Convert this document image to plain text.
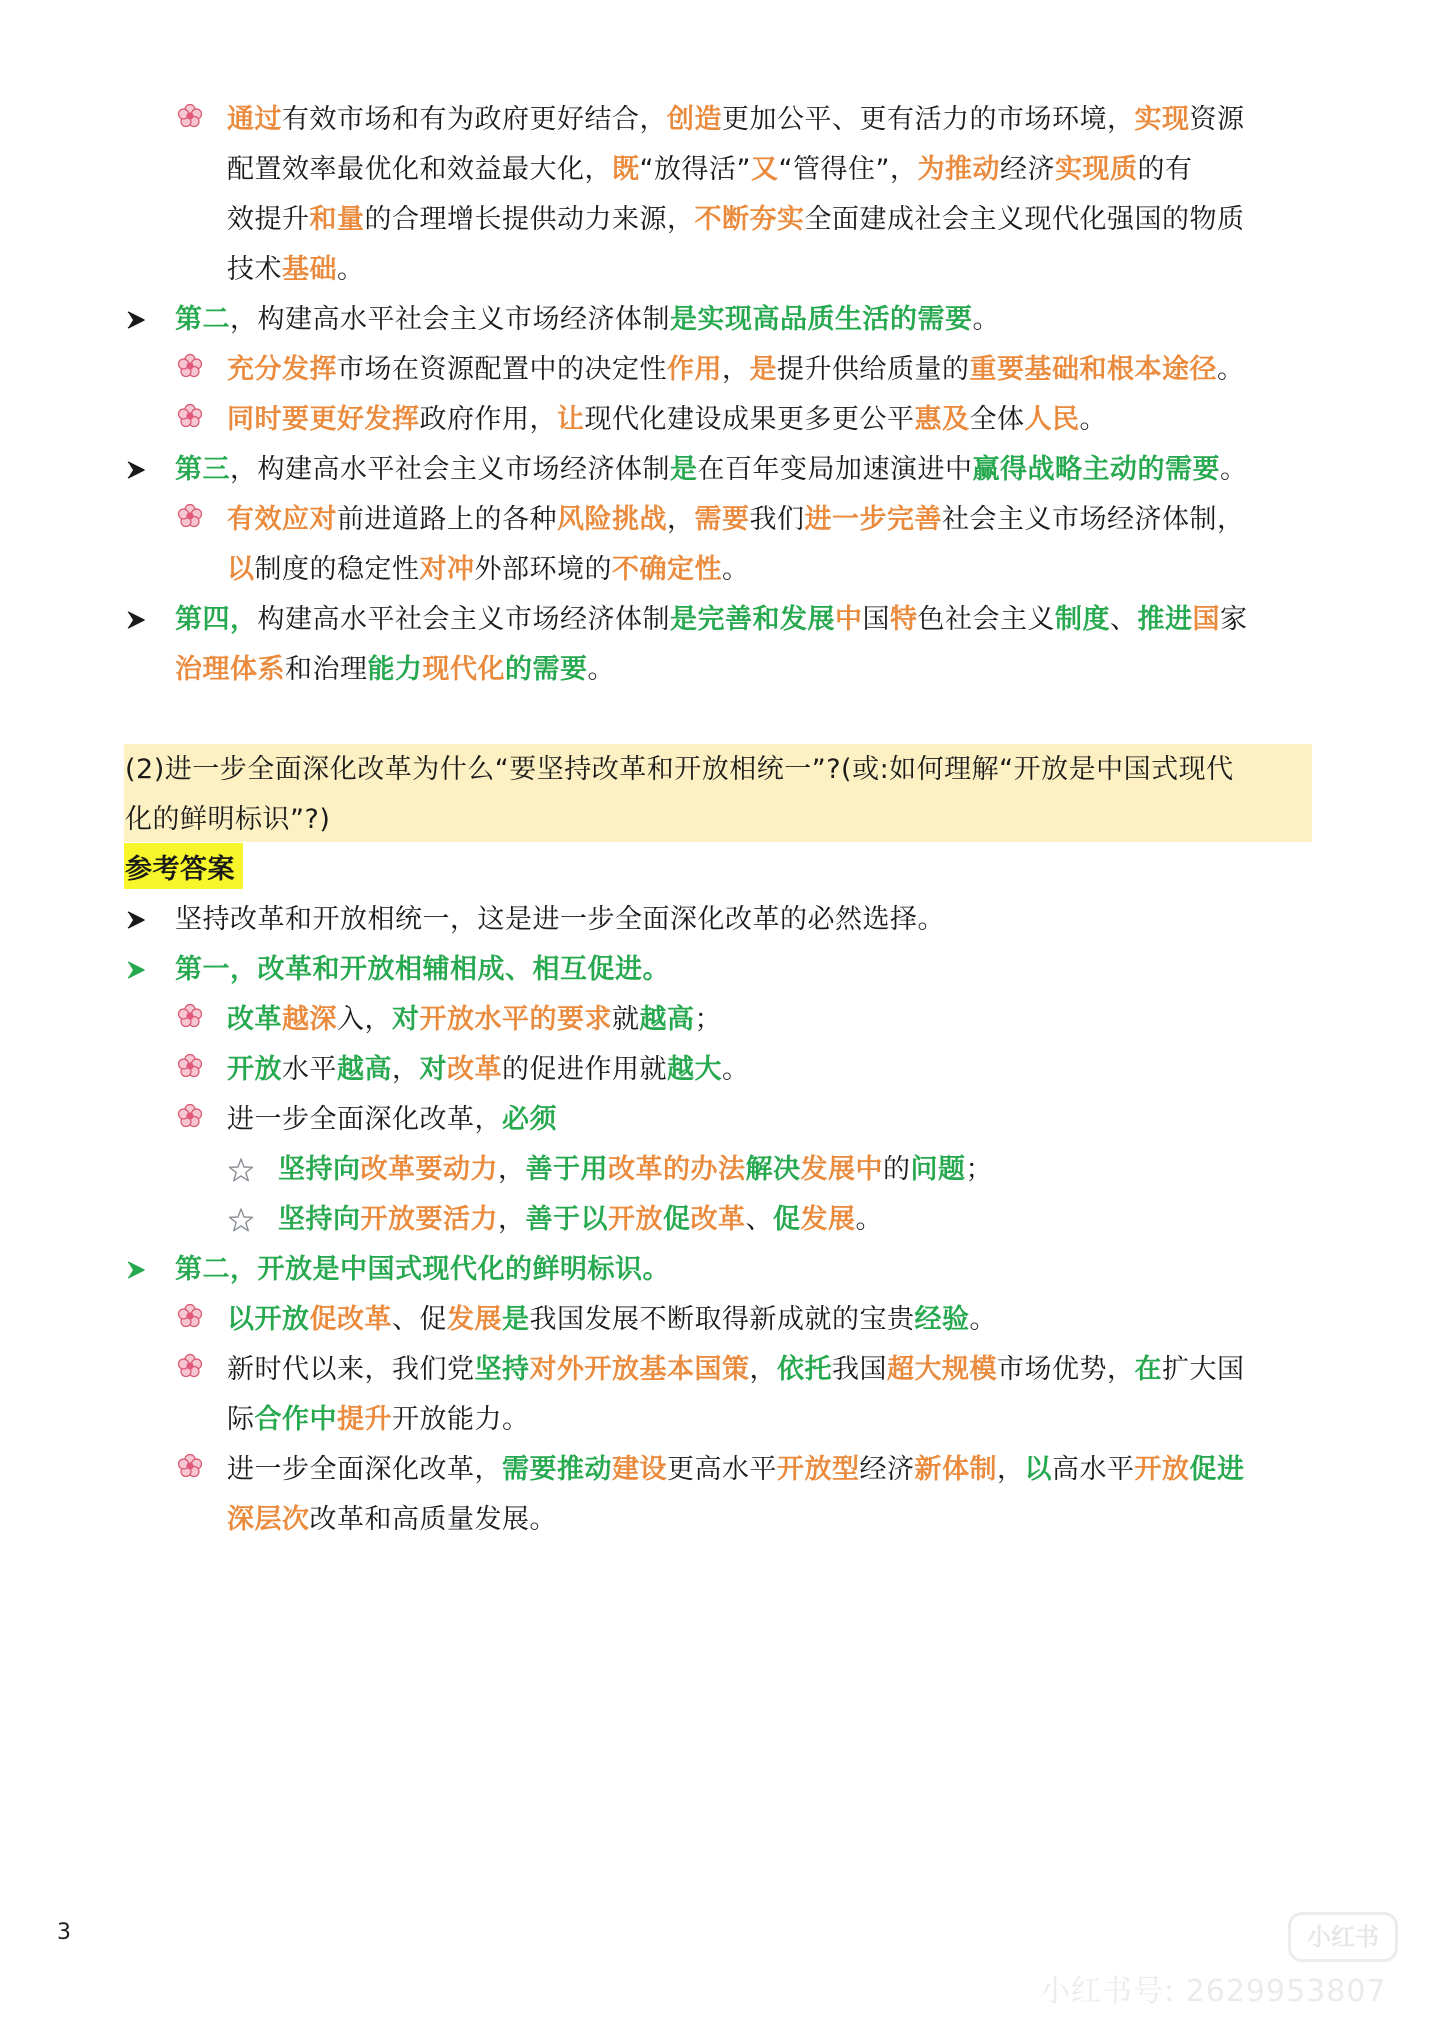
通过有效市场和有为政府更好结合，创造更加公平、更有活力的市场环境，实现资源
配置效率最优化和效益最大化，既“放得活”又“管得住”，为推动经济实现质的有
效提升和量的合理增长提供动力来源，不断夯实全面建成社会主义现代化强国的物质
技术基础。
第二，构建高水平社会主义市场经济体制是实现高品质生活的需要。
充分发挥市场在资源配置中的决定性作用，是提升供给质量的重要基础和根本途径。
同时要更好发挥政府作用，让现代化建设成果更多更公平惠及全体人民。
第三，构建高水平社会主义市场经济体制是在百年变局加速演进中赢得战略主动的需要。
有效应对前进道路上的各种风险挑战，需要我们进一步完善社会主义市场经济体制，
以制度的稳定性对冲外部环境的不确定性。
第四，构建高水平社会主义市场经济体制是完善和发展中国特色社会主义制度、推进国家
治理体系和治理能力现代化的需要。
(2)进一步全面深化改革为什么“要坚持改革和开放相统一”?(或:如何理解“开放是中国式现代
化的鲜明标识”?)
参考答案
坚持改革和开放相统一，这是进一步全面深化改革的必然选择。
第一，改革和开放相辅相成、相互促进。
改革越深入，对开放水平的要求就越高；
开放水平越高，对改革的促进作用就越大。
进一步全面深化改革，必须
坚持向改革要动力，善于用改革的办法解决发展中的问题；
坚持向开放要活力，善于以开放促改革、促发展。
第二，开放是中国式现代化的鲜明标识。
以开放促改革、促发展是我国发展不断取得新成就的宝贵经验。
新时代以来，我们党坚持对外开放基本国策，依托我国超大规模市场优势，在扩大国
际合作中提升开放能力。
进一步全面深化改革，需要推动建设更高水平开放型经济新体制，以高水平开放促进
深层次改革和高质量发展。
3	小红书
小红书号: 2629953807
